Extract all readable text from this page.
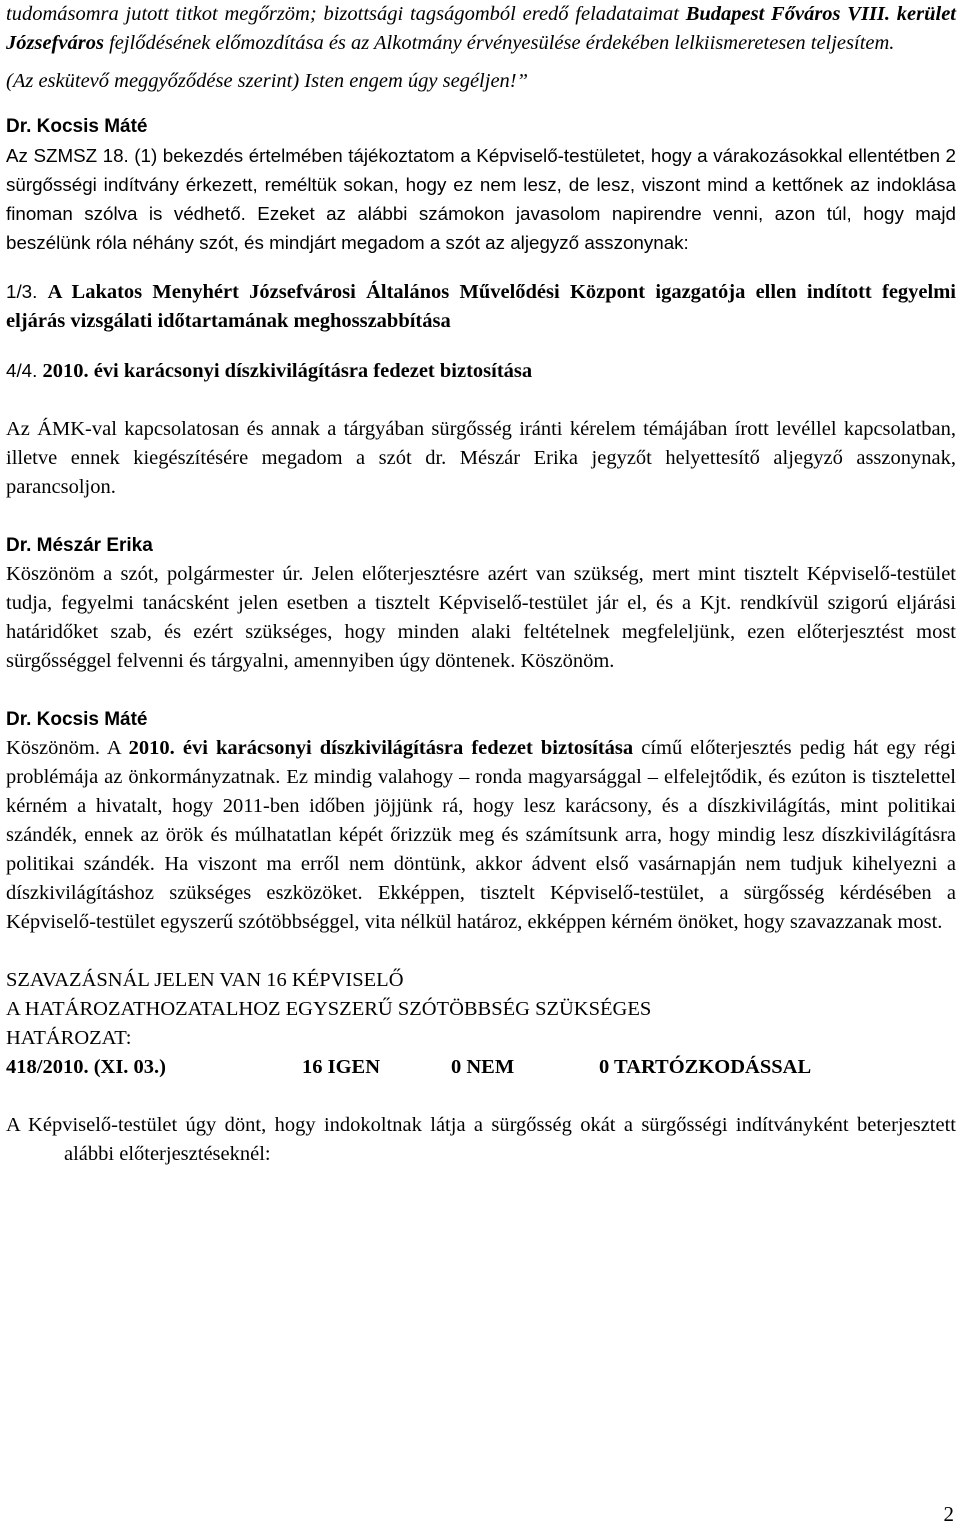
tudomásomra jutott titkot megőrzöm; bizottsági tagságomból eredő feladataimat Budapest Főváros VIII. kerület Józsefváros fejlődésének előmozdítása és az Alkotmány érvényesülése érdekében lelkiismeretesen teljesítem.

(Az eskütevő meggyőződése szerint) Isten engem úgy segéljen!”

Dr. Kocsis Máté

Az SZMSZ 18. (1) bekezdés értelmében tájékoztatom a Képviselő-testületet, hogy a várakozásokkal ellentétben 2 sürgősségi indítvány érkezett, reméltük sokan, hogy ez nem lesz, de lesz, viszont mind a kettőnek az indoklása finoman szólva is védhető. Ezeket az alábbi számokon javasolom napirendre venni, azon túl, hogy majd beszélünk róla néhány szót, és mindjárt megadom a szót az aljegyző asszonynak:

1/3. A Lakatos Menyhért Józsefvárosi Általános Művelődési Központ igazgatója ellen indított fegyelmi eljárás vizsgálati időtartamának meghosszabbítása

4/4. 2010. évi karácsonyi díszkivilágításra fedezet biztosítása

Az ÁMK-val kapcsolatosan és annak a tárgyában sürgősség iránti kérelem témájában írott levéllel kapcsolatban, illetve ennek kiegészítésére megadom a szót dr. Mészár Erika jegyzőt helyettesítő aljegyző asszonynak, parancsoljon.

Dr. Mészár Erika

Köszönöm a szót, polgármester úr. Jelen előterjesztésre azért van szükség, mert mint tisztelt Képviselő-testület tudja, fegyelmi tanácsként jelen esetben a tisztelt Képviselő-testület jár el, és a Kjt. rendkívül szigorú eljárási határidőket szab, és ezért szükséges, hogy minden alaki feltételnek megfeleljünk, ezen előterjesztést most sürgősséggel felvenni és tárgyalni, amennyiben úgy döntenek. Köszönöm.

Dr. Kocsis Máté

Köszönöm. A 2010. évi karácsonyi díszkivilágításra fedezet biztosítása című előterjesztés pedig hát egy régi problémája az önkormányzatnak. Ez mindig valahogy – ronda magyarsággal – elfelejtődik, és ezúton is tisztelettel kérném a hivatalt, hogy 2011-ben időben jöjjünk rá, hogy lesz karácsony, és a díszkivilágítás, mint politikai szándék, ennek az örök és múlhatatlan képét őrizzük meg és számítsunk arra, hogy mindig lesz díszkivilágításra politikai szándék. Ha viszont ma erről nem döntünk, akkor ádvent első vasárnapján nem tudjuk kihelyezni a díszkivilágításhoz szükséges eszközöket. Ekképpen, tisztelt Képviselő-testület, a sürgősség kérdésében a Képviselő-testület egyszerű szótöbbséggel, vita nélkül határoz, ekképpen kérném önöket, hogy szavazzanak most.

SZAVAZÁSNÁL JELEN VAN 16 KÉPVISELŐ

A HATÁROZATHOZATALHOZ EGYSZERŰ SZÓTÖBBSÉG SZÜKSÉGES

HATÁROZAT:

418/2010. (XI. 03.)	16 IGEN	0 NEM	0 TARTÓZKODÁSSAL

A Képviselő-testület úgy dönt, hogy indokoltnak látja a sürgősség okát a sürgősségi indítványként beterjesztett alábbi előterjesztéseknél:

2
